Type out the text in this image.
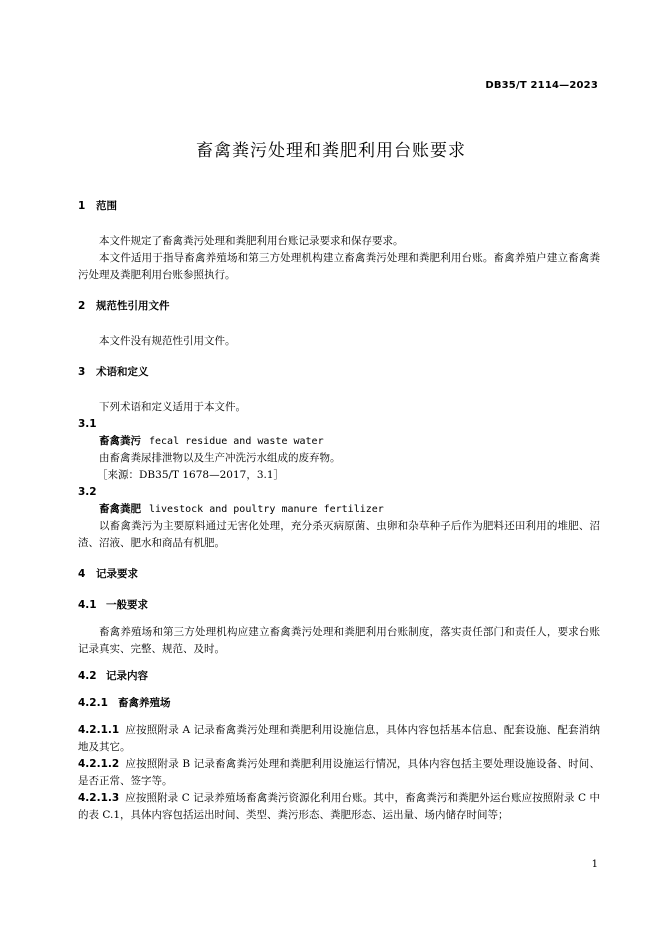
DB35/T 2114—2023
畜禽粪污处理和粪肥利用台账要求
1 范围
本文件规定了畜禽粪污处理和粪肥利用台账记录要求和保存要求。
本文件适用于指导畜禽养殖场和第三方处理机构建立畜禽粪污处理和粪肥利用台账。畜禽养殖户建立畜禽粪污处理及粪肥利用台账参照执行。
2 规范性引用文件
本文件没有规范性引用文件。
3 术语和定义
下列术语和定义适用于本文件。
3.1
畜禽粪污 fecal residue and waste water
由畜禽粪尿排泄物以及生产冲洗污水组成的废弃物。
［来源：DB35/T 1678—2017，3.1］
3.2
畜禽粪肥 livestock and poultry manure fertilizer
以畜禽粪污为主要原料通过无害化处理，充分杀灭病原菌、虫卵和杂草种子后作为肥料还田利用的堆肥、沼渣、沼液、肥水和商品有机肥。
4 记录要求
4.1 一般要求
畜禽养殖场和第三方处理机构应建立畜禽粪污处理和粪肥利用台账制度，落实责任部门和责任人，要求台账记录真实、完整、规范、及时。
4.2 记录内容
4.2.1 畜禽养殖场
4.2.1.1 应按照附录 A 记录畜禽粪污处理和粪肥利用设施信息，具体内容包括基本信息、配套设施、配套消纳地及其它。
4.2.1.2 应按照附录 B 记录畜禽粪污处理和粪肥利用设施运行情况，具体内容包括主要处理设施设备、时间、是否正常、签字等。
4.2.1.3 应按照附录 C 记录养殖场畜禽粪污资源化利用台账。其中，畜禽粪污和粪肥外运台账应按照附录 C 中的表 C.1，具体内容包括运出时间、类型、粪污形态、粪肥形态、运出量、场内储存时间等；
1
